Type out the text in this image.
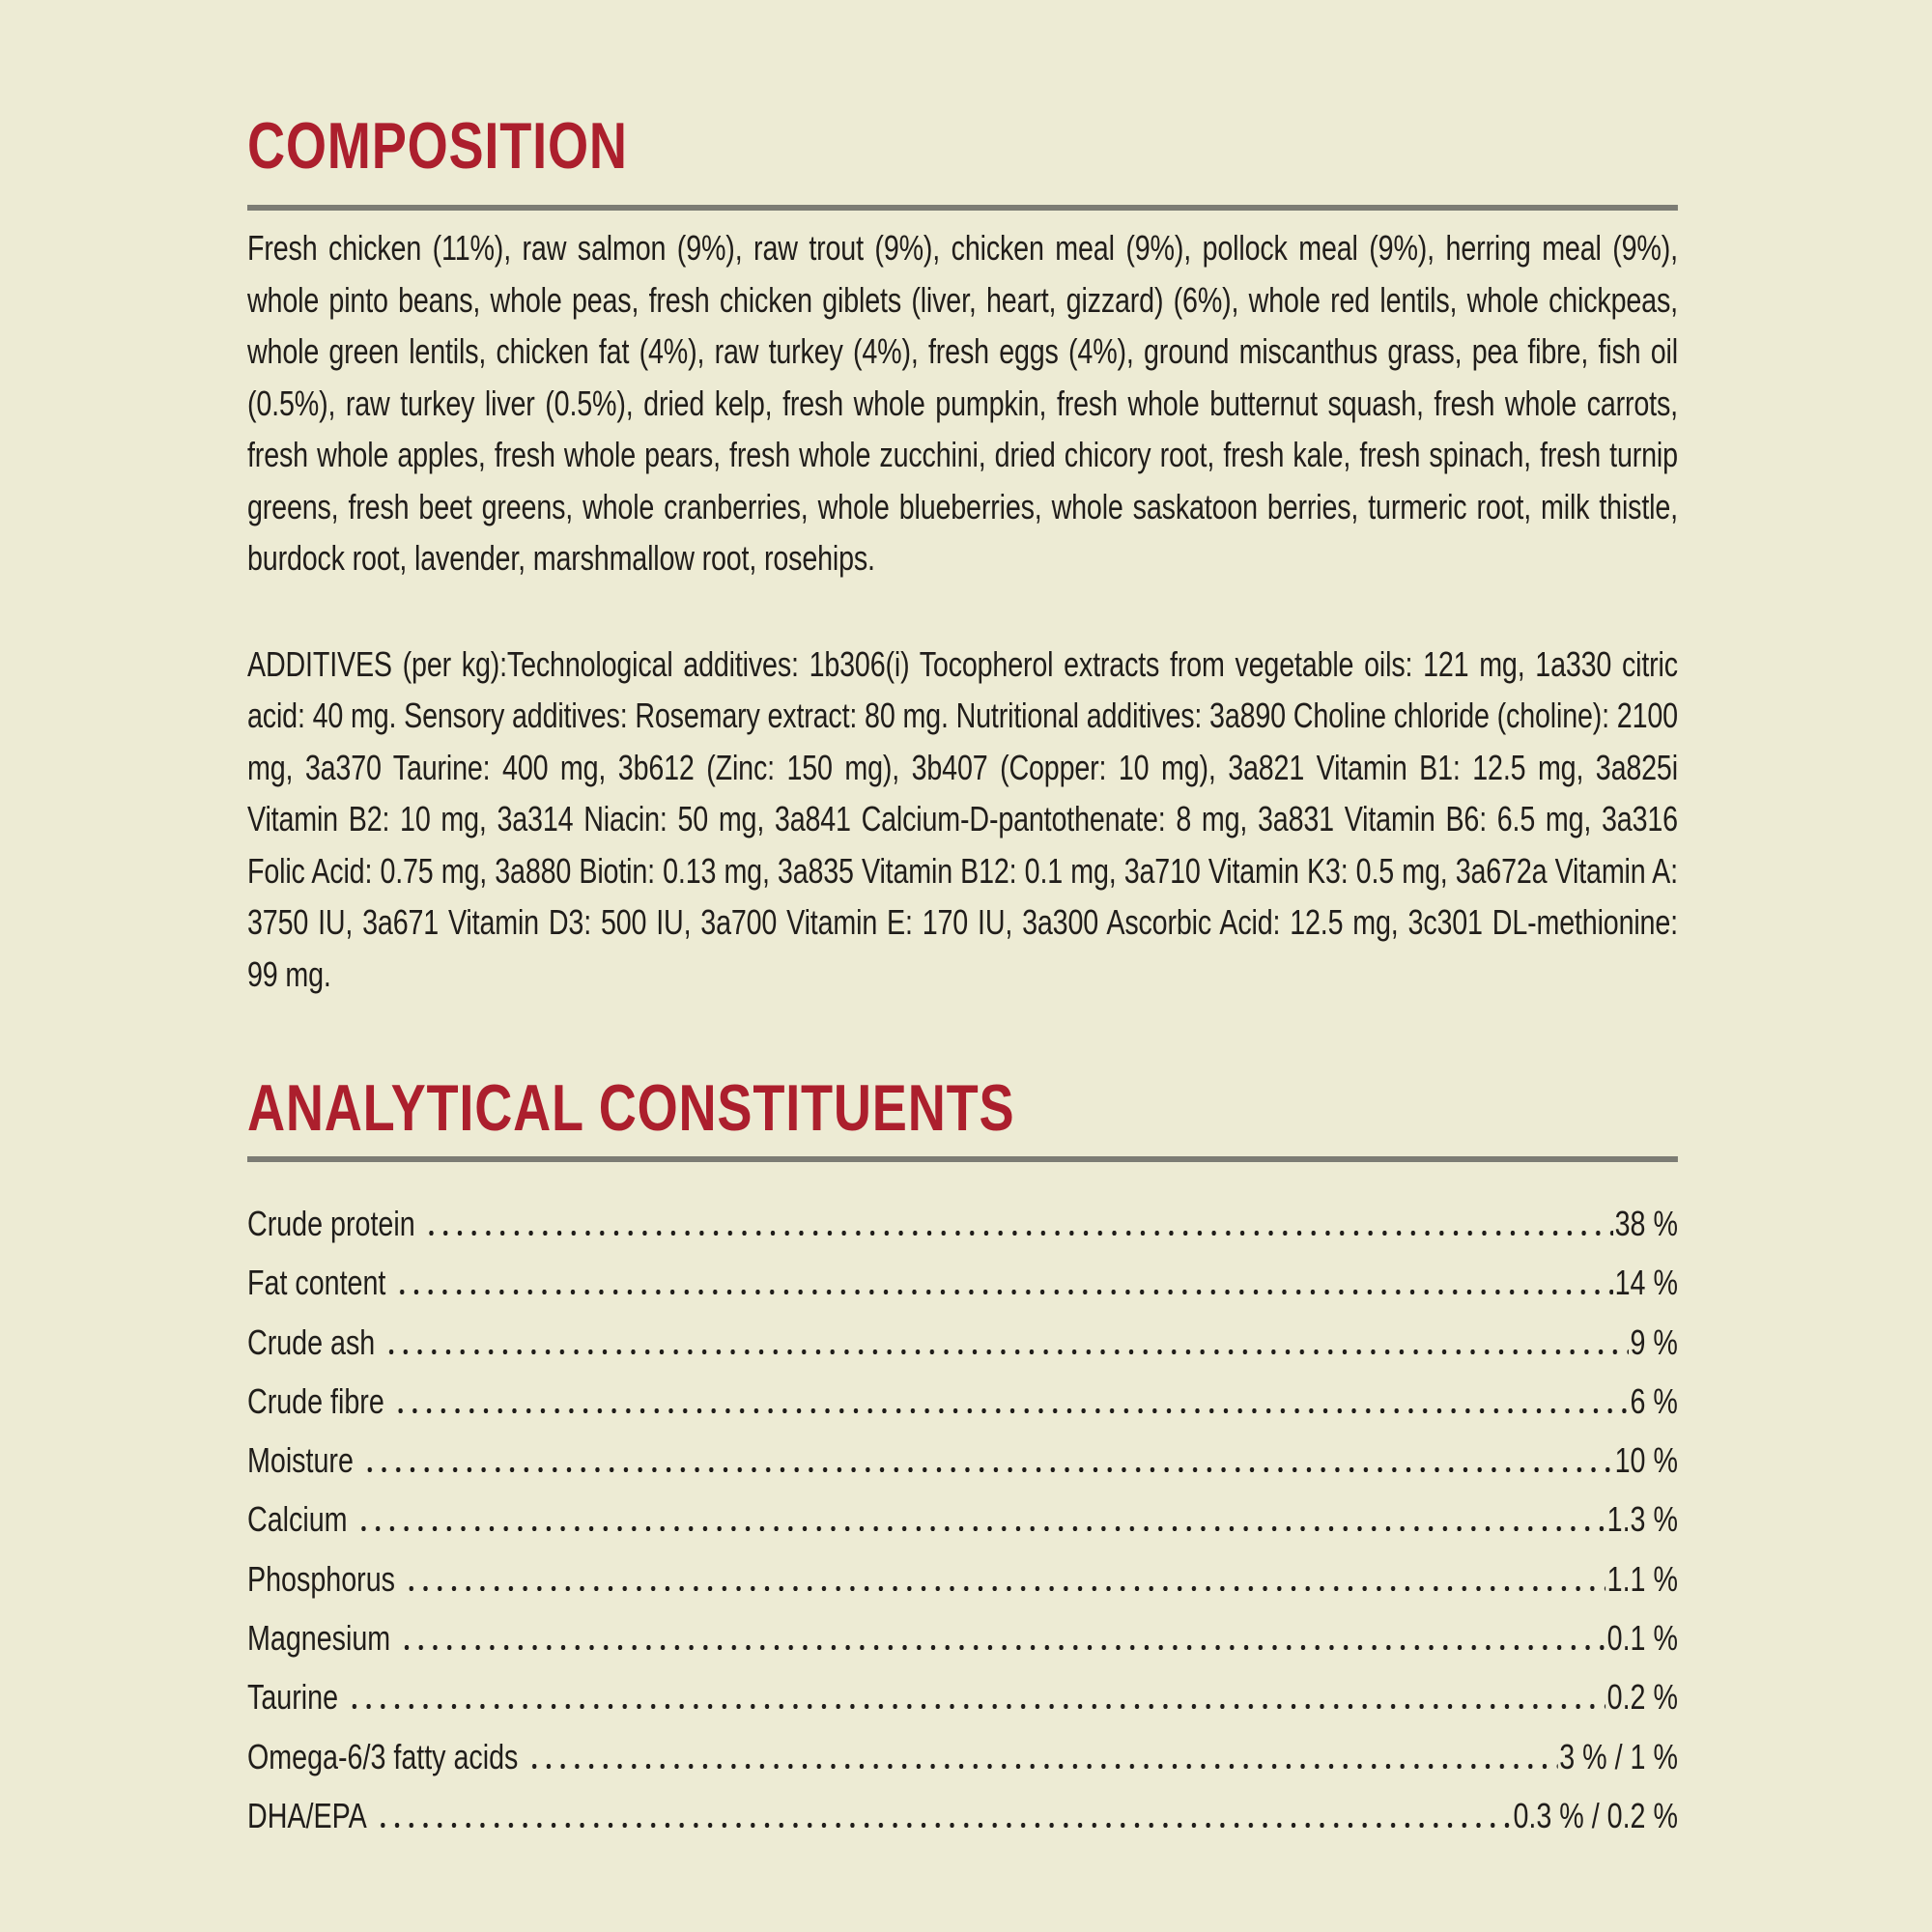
COMPOSITION

Fresh chicken (11%), raw salmon (9%), raw trout (9%), chicken meal (9%), pollock meal (9%), herring meal (9%), whole pinto beans, whole peas, fresh chicken giblets (liver, heart, gizzard) (6%), whole red lentils, whole chickpeas, whole green lentils, chicken fat (4%), raw turkey (4%), fresh eggs (4%), ground miscanthus grass, pea fibre, fish oil (0.5%), raw turkey liver (0.5%), dried kelp, fresh whole pumpkin, fresh whole butternut squash, fresh whole carrots, fresh whole apples, fresh whole pears, fresh whole zucchini, dried chicory root, fresh kale, fresh spinach, fresh turnip greens, fresh beet greens, whole cranberries, whole blueberries, whole saskatoon berries, turmeric root, milk thistle, burdock root, lavender, marshmallow root, rosehips.

ADDITIVES (per kg):Technological additives: 1b306(i) Tocopherol extracts from vegetable oils: 121 mg, 1a330 citric acid: 40 mg. Sensory additives: Rosemary extract: 80 mg. Nutritional additives: 3a890 Choline chloride (choline): 2100 mg, 3a370 Taurine: 400 mg, 3b612 (Zinc: 150 mg), 3b407 (Copper: 10 mg), 3a821 Vitamin B1: 12.5 mg, 3a825i Vitamin B2: 10 mg, 3a314 Niacin: 50 mg, 3a841 Calcium-D-pantothenate: 8 mg, 3a831 Vitamin B6: 6.5 mg, 3a316 Folic Acid: 0.75 mg, 3a880 Biotin: 0.13 mg, 3a835 Vitamin B12: 0.1 mg, 3a710 Vitamin K3: 0.5 mg, 3a672a Vitamin A: 3750 IU, 3a671 Vitamin D3: 500 IU, 3a700 Vitamin E: 170 IU, 3a300 Ascorbic Acid: 12.5 mg, 3c301 DL-methionine: 99 mg.

ANALYTICAL CONSTITUENTS
Crude protein	38 %
Fat content	14 %
Crude ash	9 %
Crude fibre	6 %
Moisture	10 %
Calcium	1.3 %
Phosphorus	1.1 %
Magnesium	0.1 %
Taurine	0.2 %
Omega-6/3 fatty acids	3 % / 1 %
DHA/EPA	0.3 % / 0.2 %
